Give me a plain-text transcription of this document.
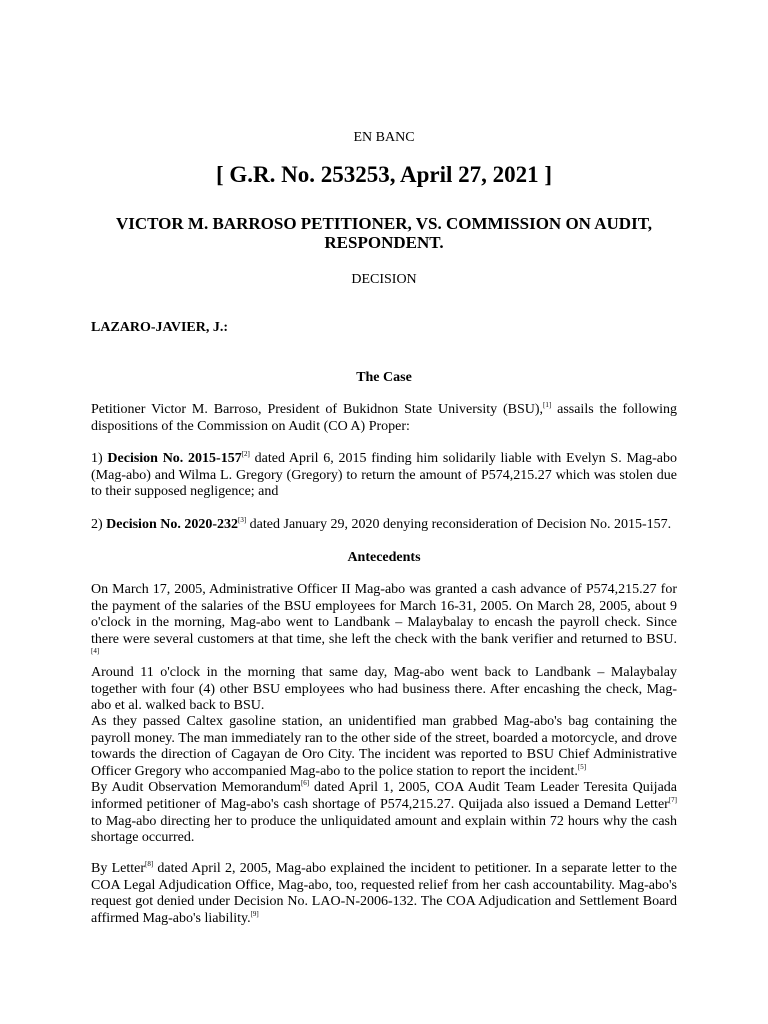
EN BANC
[ G.R. No. 253253, April 27, 2021 ]
VICTOR M. BARROSO PETITIONER, VS. COMMISSION ON AUDIT, RESPONDENT.
DECISION
LAZARO-JAVIER, J.:
The Case
Petitioner Victor M. Barroso, President of Bukidnon State University (BSU),[1] assails the following dispositions of the Commission on Audit (CO A) Proper:
1) Decision No. 2015-157[2] dated April 6, 2015 finding him solidarily liable with Evelyn S. Mag-abo (Mag-abo) and Wilma L. Gregory (Gregory) to return the amount of P574,215.27 which was stolen due to their supposed negligence; and
2) Decision No. 2020-232[3] dated January 29, 2020 denying reconsideration of Decision No. 2015-157.
Antecedents
On March 17, 2005, Administrative Officer II Mag-abo was granted a cash advance of P574,215.27 for the payment of the salaries of the BSU employees for March 16-31, 2005. On March 28, 2005, about 9 o'clock in the morning, Mag-abo went to Landbank – Malaybalay to encash the payroll check. Since there were several customers at that time, she left the check with the bank verifier and returned to BSU.[4]
Around 11 o'clock in the morning that same day, Mag-abo went back to Landbank – Malaybalay together with four (4) other BSU employees who had business there. After encashing the check, Mag-abo et al. walked back to BSU.
As they passed Caltex gasoline station, an unidentified man grabbed Mag-abo's bag containing the payroll money. The man immediately ran to the other side of the street, boarded a motorcycle, and drove towards the direction of Cagayan de Oro City. The incident was reported to BSU Chief Administrative Officer Gregory who accompanied Mag-abo to the police station to report the incident.[5]
By Audit Observation Memorandum[6] dated April 1, 2005, COA Audit Team Leader Teresita Quijada informed petitioner of Mag-abo's cash shortage of P574,215.27. Quijada also issued a Demand Letter[7] to Mag-abo directing her to produce the unliquidated amount and explain within 72 hours why the cash shortage occurred.
By Letter[8] dated April 2, 2005, Mag-abo explained the incident to petitioner. In a separate letter to the COA Legal Adjudication Office, Mag-abo, too, requested relief from her cash accountability. Mag-abo's request got denied under Decision No. LAO-N-2006-132. The COA Adjudication and Settlement Board affirmed Mag-abo's liability.[9]
